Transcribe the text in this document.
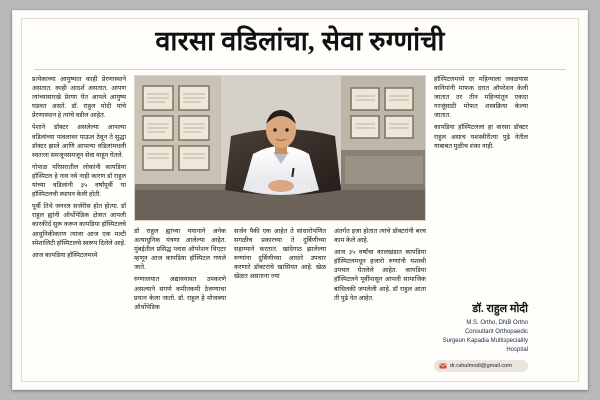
वारसा वडिलांचा, सेवा रुग्णांची

प्रत्येकाच्या आयुष्यात काही प्रेरणास्थाने असतात. काही आदर्श असतात. आपण त्यांच्यासारखे प्रेरणा घेत आपले आयुष्य घडवत असते. डॉ. राहुल मोदी यांचे प्रेरणास्थान हे त्यांचे वडील आहेत.

पेशाने डॉक्टर असलेल्या आपल्या वडिलांच्या पावलावर पाऊल ठेवून ते सुद्धा डॉक्टर झाले आणि आपल्या वडिलांमधली स्वतःला समजूनसमजून सेवा वाहून घेतले.

गोपाळ परिसरातील लोकांनी कापडिया हॉस्पिटल हे नाव नवे नाही कारण डॉ राहुल यांच्या वडिलांनी ३५ वर्षांपूर्वी या हॉस्पिटलची स्थापन केली होती.

पूर्वी तिथे जनरल सर्जरीस होत होत्या. डॉ राहुल ह्यांनी ऑर्थोपेडिक क्षेत्रात आपली कारकीर्द सुरू करून कापडिया हॉस्पिटलचे आधुनिकीकरण त्याला आज एक मल्टी स्पेशालिटी हॉस्पिटलचे स्वरूप दिलेले आहे.

आज कापडिया हॉस्पिटलमध्ये

डॉ राहुल ह्यांच्या ययानाने अनेक अत्याधुनिक यंत्रणा आलेल्या आहेत. मुंबईतील प्रसिद्ध प्लास ऑपरेशन थिएटर म्हणून आज कापडिया हॉस्पिटल गणले जाते.

रुग्णालयात अद्यावयावत उपकरणे असल्याने संगणे कमीतकमी ठेवण्याचा प्रयत्न केला जातो. डॉ. राहुल हे मोजक्या ऑर्थोपेडिक

सर्जन पैकी एक आहेत ते सांधारोपणित सगळीच प्रकारच्या ते दुर्बिणीच्या सहाय्याने करतात. खांदेगाठ झालेल्या रुग्णांना दुर्बिणीच्या आधारे उपचार करणारे डॉक्टरांचे खासियत आहे. खेळ खेळत असताना ज्या

अंतर्गत इजा होतात त्यांचे डॉक्टरांनी बरच काम केले आहे.

आज ३५ वर्षांचा कालखंडात कापडिया हॉस्पिटलमधून हजारो रुग्णांनी यशस्वी उपचार घेतलेले आहेत. कापडिया हॉस्पिटलने पूर्वीपासून आपली सामाजिक बांधिलकी जपलेली आहे. डॉ राहुल आता ती पुढे नेत आहेत.

हॉस्पिटलमध्ये दर महिन्याला जवळपास वानियांनी माफक दरात ऑपरेशन केली जातात तर तीन महिन्यांतून एकदा गरजूंसाठी मोफत शस्त्रक्रिया केल्या जातात.

कापडिया हॉस्पिटलला हा वारसा डॉक्टर राहुल असाच यशस्वीरीत्या पुढे नेतील याबाबत मुळीच शंका नाही.

डॉ. राहुल मोदी
M.S. Ortho, DNB Ortho
Consultant Orthopaedic
Surgeon Kapadia Multispeciality
Hospital
dr.rahulmodi@gmail.com
